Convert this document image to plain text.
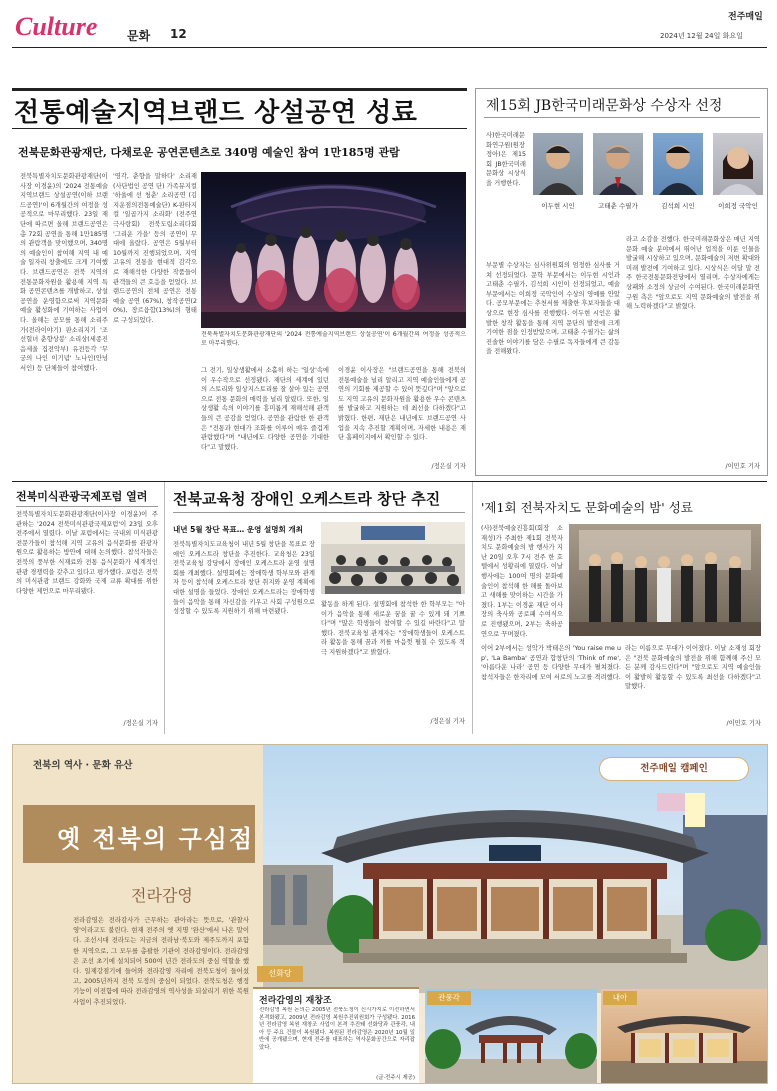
Culture 문화 12
전주매일
2024년 12월 24일 화요일
전통예술지역브랜드 상설공연 성료
전북문화관광재단, 다채로운 공연콘텐츠로 340명 예술인 참여 1만185명 관람
전북특별자치도문화관광재단(이사장 이경윤)의 '2024 전통예술지역브랜드 상설공연(이하 브랜드공연)'이 6개월간의 여정을 성공적으로 마무리했다. 23일 재단에 따르면 올해 브랜드공연은 총 72회 공연을 통해 1만185명의 관람객을 맞이했으며, 340명의 예술인이 참여해 지역 내 예술 일자리 창출에도 크게 기여했다. 브랜드공연은 전북 지역의 전통문화자원을 활용해 지역 특화 공연콘텐츠를 개발하고, 상설공연을 운영함으로써 지역문화예술 활성화에 기여하는 사업이다. 올해는 공모를 통해 소리주가(전라이야기) 판소리지기 '조선헐녀 춘향상봉' 소리상(세종진음세울 집전악부) 유전등각 '무궁의 나인 이기념' 노나인(안넝서인) 등 단체들이 참여했다.
'영각, 춘향을 말하다' 소리재(사단법인 공연 단) 가족뮤지컬 '하울에 선 청춘' 소리공연 (김지운점의전통예술단) K-판타지컬 '일곱가지 소리화' (전주연극사랑회) 전북도립소리다회 '그리운 가을' 등의 공연이 무대에 올랐다. 공연은 5월부터 10월까지 진행되었으며, 지역 고유의 전통을 현대적 감각으로 재해석한 다양한 작품들이 관객들의 큰 호응을 얻었다. 브랜드공연의 전체 공연은 전통예술 공연 (67%), 창작공연(20%), 장르융합(13%)의 형태로 구성되었다.
전북특별자치도문화관광재단의 '2024 전통예술지역브랜드 상설공연'이 6개월간의 여정을 성공적으로 마무리했다.
그 전기, 일상생활에서 소홀히 하는 '일상'속에 이 우수작으로 선정됐다. 재단의 세계에 있던 의 스토리와 일상지스토리를 잘 살아 있는 공연으로 전통 문화의 매력을 널리 알렸다. 또한, 일상생활 속의 이야기를 흥미롭게 재해석해 관객들의 큰 공감을 얻었다. 공연을 관람한 한 관객은 "전통과 현대가 조화를 이루어 매우 즐겁게 관람했다"며 "내년에도 다양한 공연을 기대한다"고 말했다.
이경윤 이사장은 "브랜드공연을 통해 전북의 전통예술을 널리 알리고 지역 예술인들에게 공연의 기회를 제공할 수 있어 뜻깊다"며 "앞으로도 지역 고유의 문화자원을 활용한 우수 콘텐츠를 발굴하고 지원하는 데 최선을 다하겠다"고 밝혔다. 한편, 재단은 내년에도 브랜드공연 사업을 지속 추진할 계획이며, 자세한 내용은 재단 홈페이지에서 확인할 수 있다.
/정은실 기자
제15회 JB한국미래문화상 수상자 선정
사)한국미래문화연구원(원장 정아)은 제15회 JB한국미래문화상 시상식을 거행한다.
이두현 시인	고태춘 수필가	김석희 시인	이희정 국악인
부문별 수상자는 심사위원회의 엄정한 심사를 거쳐 선정되었다. 문학 부문에서는 이두현 시인과 고태춘 수필가, 김석희 시인이 선정되었고, 예술 부문에서는 이희정 국악인이 수상의 영예를 안았다. 공모부문에는 추천서를 제출한 후보자들을 대상으로 현장 심사를 진행했다. 이두현 시인은 활발한 창작 활동을 통해 지역 문단의 발전에 크게 기여한 점을 인정받았으며, 고태춘 수필가는 삶의 진솔한 이야기를 담은 수필로 독자들에게 큰 감동을 전해왔다.
라고 소감을 전했다. 한국미래문화상은 매년 지역 문화 예술 분야에서 뛰어난 업적을 이룬 인물을 발굴해 시상하고 있으며, 문화예술의 저변 확대와 미래 발전에 기여하고 있다. 시상식은 이달 말 전주 한국전통문화전당에서 열리며, 수상자에게는 상패와 소정의 상금이 수여된다. 한국미래문화연구원 측은 "앞으로도 지역 문화예술의 발전을 위해 노력하겠다"고 밝혔다.
/이민호 기자
전북미식관광국제포럼 열려
전북특별자치도문화관광재단(이사장 이경윤)이 주관하는 '2024 전북미식관광국제포럼'이 23일 오후 전주에서 열렸다. 이날 포럼에서는 국내외 미식관광 전문가들이 참석해 지역 고유의 음식문화를 관광자원으로 활용하는 방안에 대해 논의했다. 참석자들은 전북의 풍부한 식재료와 전통 음식문화가 세계적인 관광 경쟁력을 갖추고 있다고 평가했다. 포럼은 전북의 미식관광 브랜드 강화와 국제 교류 확대를 위한 다양한 제언으로 마무리됐다.
/정은실 기자
전북교육청 장애인 오케스트라 창단 추진
내년 5월 창단 목표… 운영 설명회 개최
전북특별자치도교육청이 내년 5월 창단을 목표로 장애인 오케스트라 창단을 추진한다. 교육청은 23일 전북교육청 강당에서 장애인 오케스트라 운영 설명회를 개최했다. 설명회에는 장애학생 학부모와 관계자 등이 참석해 오케스트라 창단 취지와 운영 계획에 대한 설명을 들었다. 장애인 오케스트라는 장애학생들이 음악을 통해 자신감을 키우고 사회 구성원으로 성장할 수 있도록 지원하기 위해 마련됐다.
활동을 하게 된다. 설명회에 참석한 한 학부모는 "아이가 음악을 통해 새로운 꿈을 꿀 수 있게 돼 기쁘다"며 "많은 학생들이 참여할 수 있길 바란다"고 말했다. 전북교육청 관계자는 "장애학생들이 오케스트라 활동을 통해 꿈과 끼를 마음껏 펼칠 수 있도록 적극 지원하겠다"고 밝혔다.
/정은실 기자
'제1회 전북자치도 문화예술의 밤' 성료
(사)전북예술진흥회(회장 소재성)가 주최한 제1회 전북자치도 문화예술의 밤 행사가 지난 20일 오후 7시 전주 한 호텔에서 성황리에 열렸다. 이날 행사에는 100여 명의 문화예술인이 참석해 한 해를 돌아보고 새해를 맞이하는 시간을 가졌다. 1부는 이경윤 재단 이사장의 축사와 공로패 수여식으로 진행됐으며, 2부는 축하공연으로 꾸며졌다.
이어 2부에서는 성악가 박태은의 'You raise me up', 'La Bamba' 공연과 합창단의 'Think of me', '아름다운 나라' 공연 등 다양한 무대가 펼쳐졌다. 참석자들은 한자리에 모여 서로의 노고를 격려했다.
라는 이름으로 무대가 이어졌다. 이날 소재성 회장은 "전북 문화예술의 발전을 위해 함께해 주신 모든 분께 감사드린다"며 "앞으로도 지역 예술인들이 활발히 활동할 수 있도록 최선을 다하겠다"고 말했다.
/이민호 기자
전북의 역사 · 문화 유산
옛 전북의 구심점
전라감영
전라감영은 전라감사가 근무하는 관아라는 뜻으로, '관찰사영'이라고도 불린다. 현재 전주의 옛 지명 '완산'에서 나온 말이다. 조선시대 전라도는 지금의 전라남·북도와 제주도까지 포함한 지역으로, 그 모두를 총괄한 기관이 전라감영이다. 전라감영은 조선 초기에 설치되어 500여 년간 전라도의 중심 역할을 했다. 일제강점기에 들어와 전라감영 자리에 전북도청이 들어섰고, 2005년까지 전북 도정의 중심이 되었다. 전북도청은 행정 기능이 이전함에 따라 전라감영의 역사성을 되살리기 위한 복원 사업이 추진되었다.
전주매일 캠페인
선화당
전라감영의 재창조
전라감영 복원 논의는 2005년 전북도청이 신시가지로 이전하면서 본격화됐고, 2009년 전라감영 복원추진위원회가 구성됐다. 2016년 전라감영 복원 재창조 사업이 본격 추진돼 선화당과 관풍각, 내아 등 주요 건물이 복원됐다. 복원된 전라감영은 2020년 10월 일반에 공개됐으며, 현재 전주를 대표하는 역사문화공간으로 자리잡았다.
(글·전주시 제공)
관풍각	내아
